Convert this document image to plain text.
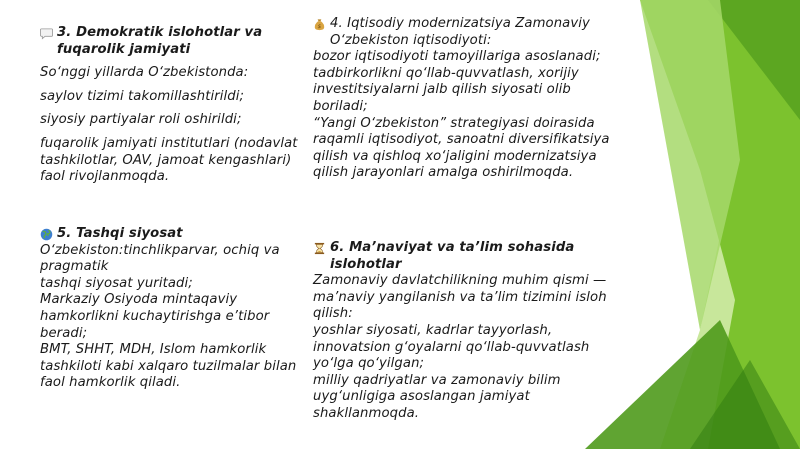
3. Demokratik islohotlar va fuqarolik jamiyati

So‘nggi yillarda O‘zbekistonda:

saylov tizimi takomillashtirildi;

siyosiy partiyalar roli oshirildi;

fuqarolik jamiyati institutlari (nodavlat tashkilotlar, OAV, jamoat kengashlari) faol rivojlanmoqda.

5. Tashqi siyosat

O‘zbekiston:tinchlikparvar, ochiq va pragmatik

tashqi siyosat yuritadi;

Markaziy Osiyoda mintaqaviy hamkorlikni kuchaytirishga e’tibor beradi;

BMT, SHHT, MDH, Islom hamkorlik tashkiloti kabi xalqaro tuzilmalar bilan faol hamkorlik qiladi.

$ 4. Iqtisodiy modernizatsiya Zamonaviy O‘zbekiston iqtisodiyoti:

bozor iqtisodiyoti tamoyillariga asoslanadi;

tadbirkorlikni qo‘llab-quvvatlash, xorijiy investitsiyalarni jalb qilish siyosati olib boriladi;

“Yangi O‘zbekiston” strategiyasi doirasida raqamli iqtisodiyot, sanoatni diversifikatsiya qilish va qishloq xo‘jaligini modernizatsiya qilish jarayonlari amalga oshirilmoqda.

6. Ma’naviyat va ta’lim sohasida islohotlar

Zamonaviy davlatchilikning muhim qismi — ma’naviy yangilanish va ta’lim tizimini isloh qilish:

yoshlar siyosati, kadrlar tayyorlash, innovatsion g‘oyalarni qo‘llab-quvvatlash yo‘lga qo‘yilgan;

milliy qadriyatlar va zamonaviy bilim uyg‘unligiga asoslangan jamiyat shakllanmoqda.
